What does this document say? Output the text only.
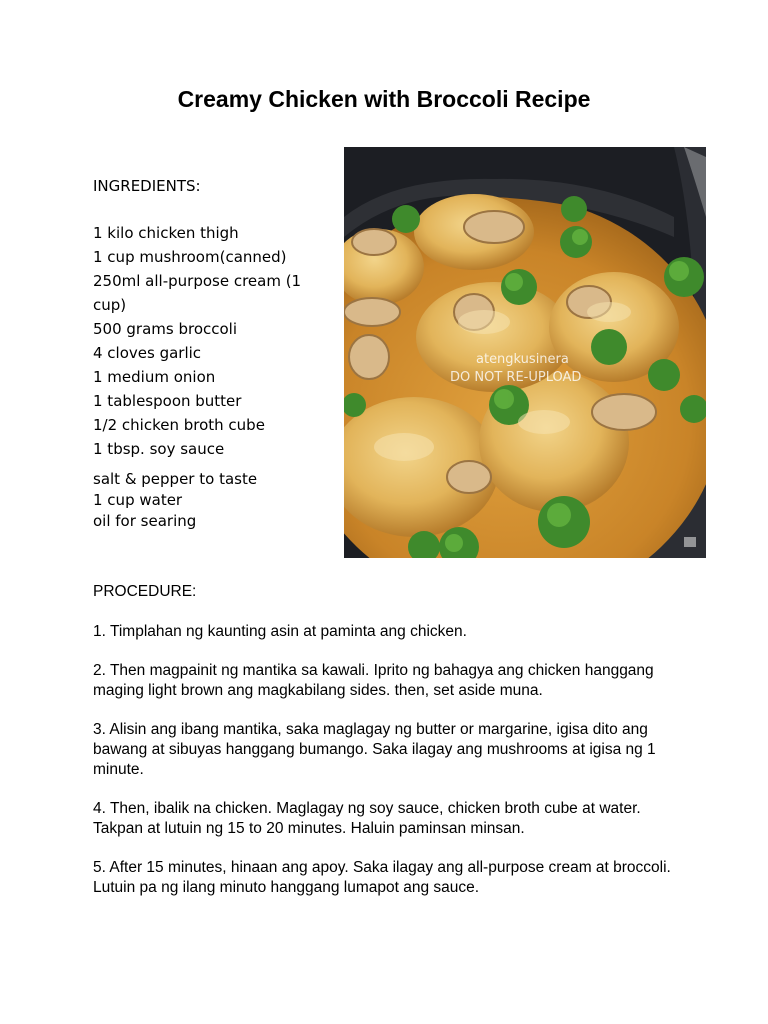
Creamy Chicken with Broccoli Recipe

INGREDIENTS:

1 kilo chicken thigh
1 cup mushroom(canned)
250ml all-purpose cream (1 cup)
500 grams broccoli
4 cloves garlic
1 medium onion
1 tablespoon butter
1/2 chicken broth cube
1 tbsp. soy sauce
salt & pepper to taste
1 cup water
oil for searing
atengkusinera
DO NOT RE-UPLOAD

PROCEDURE:

1. Timplahan ng kaunting asin at paminta ang chicken.

2. Then magpainit ng mantika sa kawali. Iprito ng bahagya ang chicken hanggang maging light brown ang magkabilang sides. then, set aside muna.

3. Alisin ang ibang mantika, saka maglagay ng butter or margarine, igisa dito ang bawang at sibuyas hanggang bumango. Saka ilagay ang mushrooms at igisa ng 1 minute.

4. Then, ibalik na chicken. Maglagay ng soy sauce, chicken broth cube at water. Takpan at lutuin ng 15 to 20 minutes. Haluin paminsan minsan.

5. After 15 minutes, hinaan ang apoy. Saka ilagay ang all-purpose cream at broccoli. Lutuin pa ng ilang minuto hanggang lumapot ang sauce.
